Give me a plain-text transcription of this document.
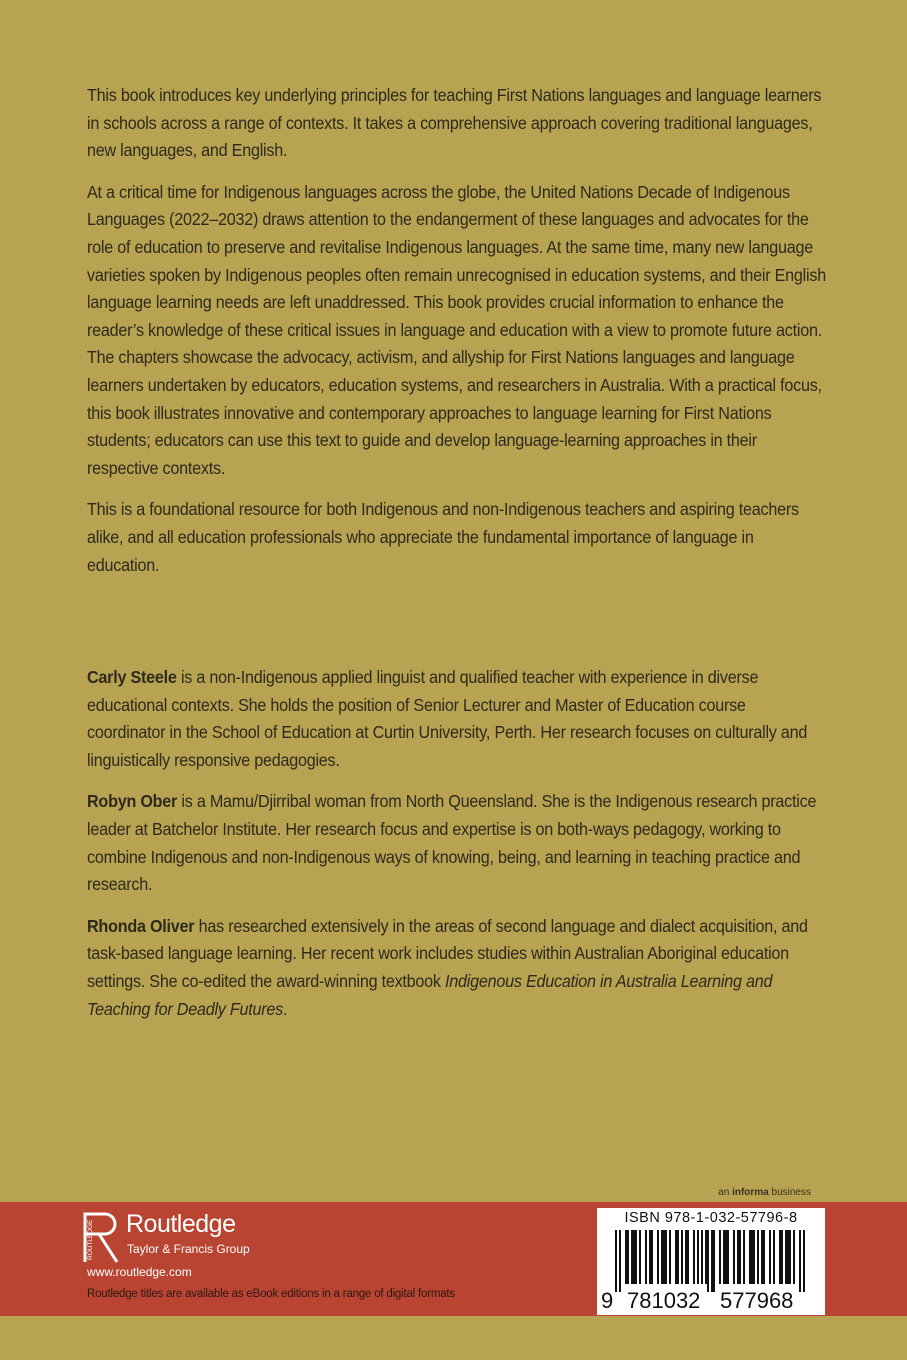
This book introduces key underlying principles for teaching First Nations languages and language learners in schools across a range of contexts. It takes a comprehensive approach covering traditional languages, new languages, and English.

At a critical time for Indigenous languages across the globe, the United Nations Decade of Indigenous Languages (2022–2032) draws attention to the endangerment of these languages and advocates for the role of education to preserve and revitalise Indigenous languages. At the same time, many new language varieties spoken by Indigenous peoples often remain unrecognised in education systems, and their English language learning needs are left unaddressed. This book provides crucial information to enhance the reader’s knowledge of these critical issues in language and education with a view to promote future action. The chapters showcase the advocacy, activism, and allyship for First Nations languages and language learners undertaken by educators, education systems, and researchers in Australia. With a practical focus, this book illustrates innovative and contemporary approaches to language learning for First Nations students; educators can use this text to guide and develop language-learning approaches in their respective contexts.

This is a foundational resource for both Indigenous and non-Indigenous teachers and aspiring teachers alike, and all education professionals who appreciate the fundamental importance of language in education.

Carly Steele is a non-Indigenous applied linguist and qualified teacher with experience in diverse educational contexts. She holds the position of Senior Lecturer and Master of Education course coordinator in the School of Education at Curtin University, Perth. Her research focuses on culturally and linguistically responsive pedagogies.

Robyn Ober is a Mamu/Djirribal woman from North Queensland. She is the Indigenous research practice leader at Batchelor Institute. Her research focus and expertise is on both-ways pedagogy, working to combine Indigenous and non-Indigenous ways of knowing, being, and learning in teaching practice and research.

Rhonda Oliver has researched extensively in the areas of second language and dialect acquisition, and task-based language learning. Her recent work includes studies within Australian Aboriginal education settings. She co-edited the award-winning textbook Indigenous Education in Australia Learning and Teaching for Deadly Futures.

an informa business
ROUTLEDGE Routledge
Taylor & Francis Group
www.routledge.com
Routledge titles are available as eBook editions in a range of digital formats
ISBN 978-1-032-57796-8
9 781032 577968
